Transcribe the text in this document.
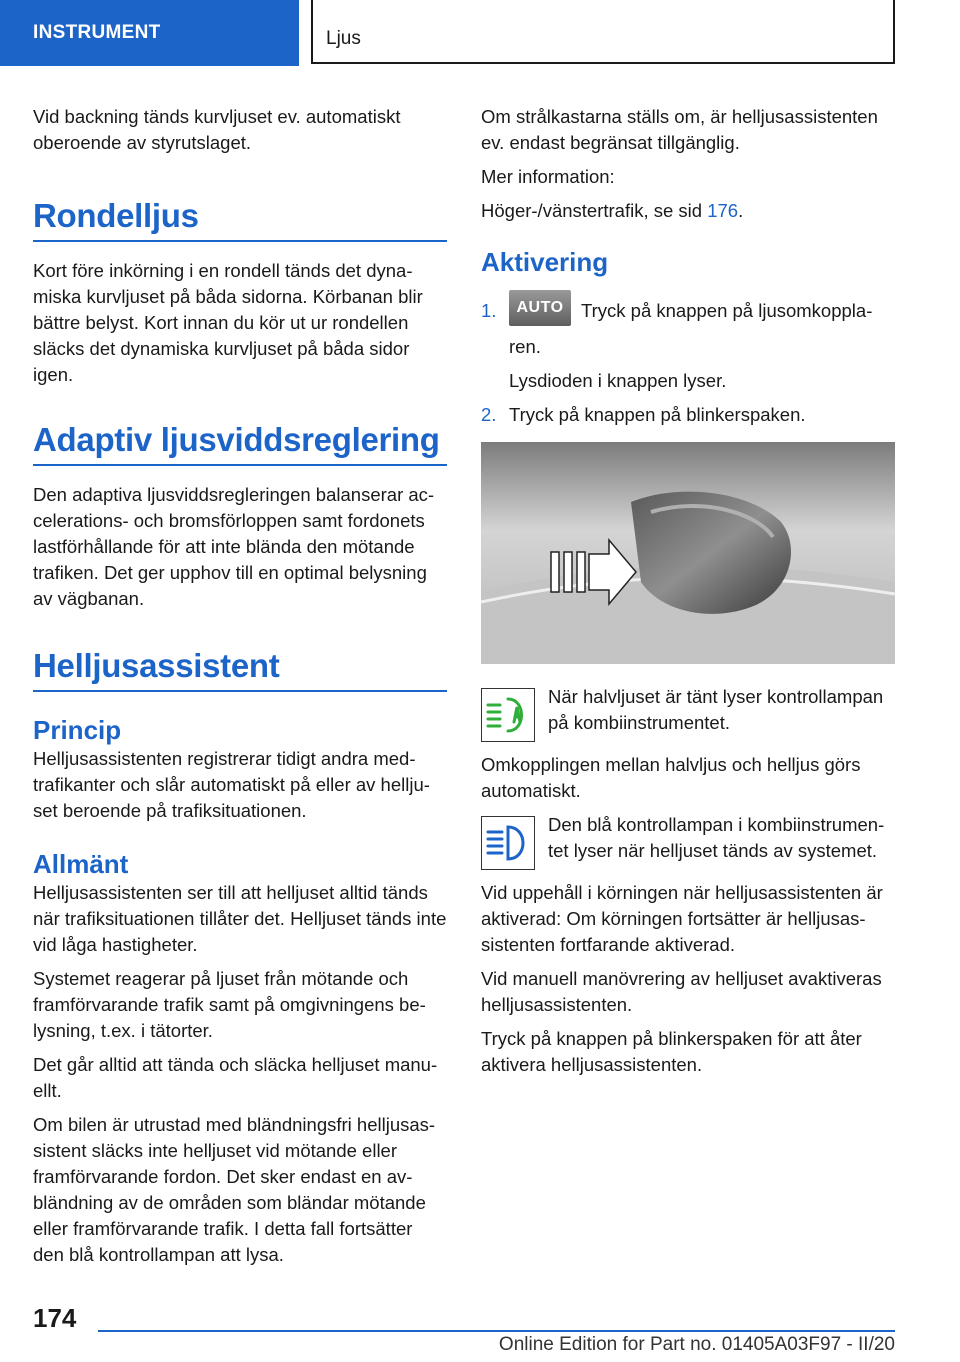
INSTRUMENT	Ljus

Vid backning tänds kurvljuset ev. automatiskt oberoende av styrutslaget.

Rondelljus

Kort före inkörning i en rondell tänds det dyna-miska kurvljuset på båda sidorna. Körbanan blir bättre belyst. Kort innan du kör ut ur rondellen släcks det dynamiska kurvljuset på båda sidor igen.

Adaptiv ljusviddsreglering

Den adaptiva ljusviddsregleringen balanserar ac-celerations- och bromsförloppen samt fordonets lastförhållande för att inte blända den mötande trafiken. Det ger upphov till en optimal belysning av vägbanan.

Helljusassistent
Princip

Helljusassistenten registrerar tidigt andra med-trafikanter och slår automatiskt på eller av hellju-set beroende på trafiksituationen.

Allmänt

Helljusassistenten ser till att helljuset alltid tänds när trafiksituationen tillåter det. Helljuset tänds inte vid låga hastigheter.

Systemet reagerar på ljuset från mötande och framförvarande trafik samt på omgivningens be-lysning, t.ex. i tätorter.

Det går alltid att tända och släcka helljuset manu-ellt.

Om bilen är utrustad med bländningsfri helljusas-sistent släcks inte helljuset vid mötande eller framförvarande fordon. Det sker endast en av-bländning av de områden som bländar mötande eller framförvarande trafik. I detta fall fortsätter den blå kontrollampan att lysa.

Om strålkastarna ställs om, är helljusassistenten ev. endast begränsat tillgänglig.

Mer information:

Höger-/vänstertrafik, se sid 176.

Aktivering
1.	AUTO Tryck på knappen på ljusomkoppla-ren.
Lysdioden i knappen lyser.
2. Tryck på knappen på blinkerspaken.
När halvljuset är tänt lyser kontrollampan på kombiinstrumentet.

Omkopplingen mellan halvljus och helljus görs automatiskt.

Den blå kontrollampan i kombiinstrumen-tet lyser när helljuset tänds av systemet.

Vid uppehåll i körningen när helljusassistenten är aktiverad: Om körningen fortsätter är helljusas-sistenten fortfarande aktiverad.

Vid manuell manövrering av helljuset avaktiveras helljusassistenten.

Tryck på knappen på blinkerspaken för att åter aktivera helljusassistenten.

174
Online Edition for Part no. 01405A03F97 - II/20
